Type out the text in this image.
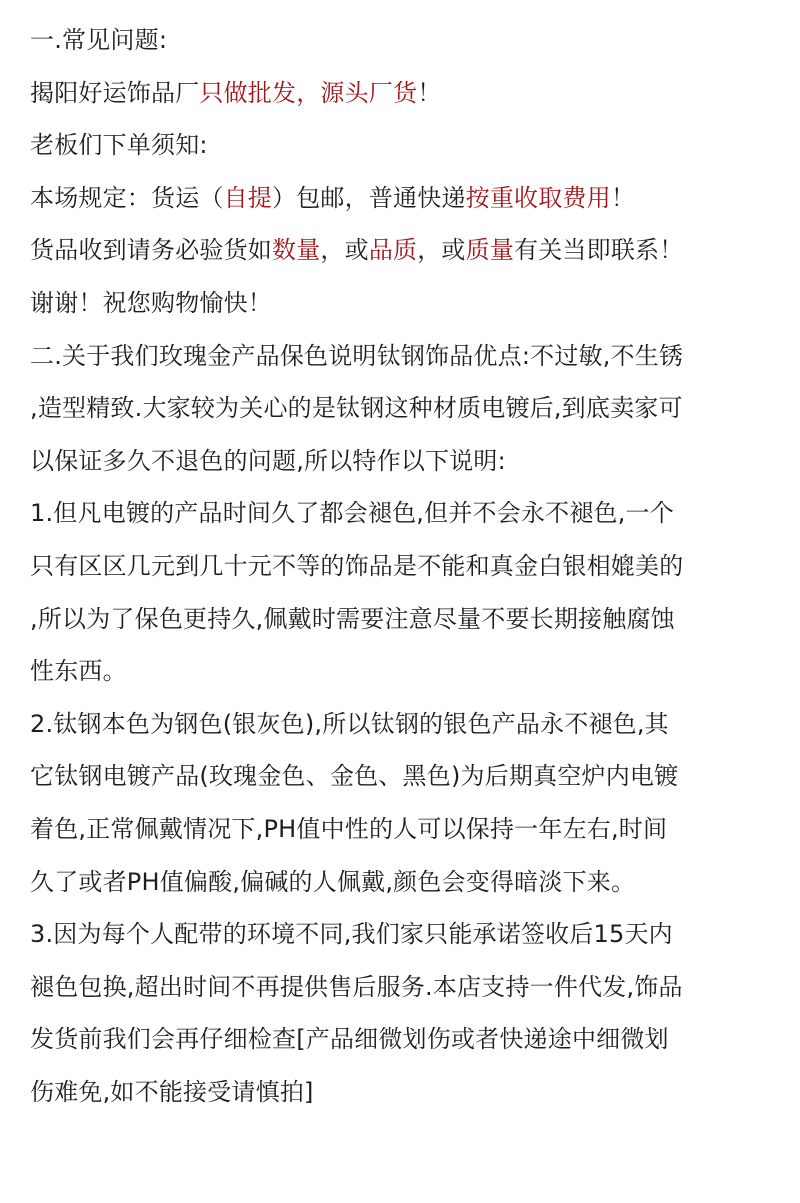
一.常见问题:
揭阳好运饰品厂只做批发，源头厂货！
老板们下单须知:
本场规定：货运（自提）包邮，普通快递按重收取费用！
货品收到请务必验货如数量，或品质，或质量有关当即联系！
谢谢！祝您购物愉快！
二.关于我们玫瑰金产品保色说明钛钢饰品优点:不过敏,不生锈
,造型精致.大家较为关心的是钛钢这种材质电镀后,到底卖家可
以保证多久不退色的问题,所以特作以下说明:
1.但凡电镀的产品时间久了都会褪色,但并不会永不褪色,一个
只有区区几元到几十元不等的饰品是不能和真金白银相媲美的
,所以为了保色更持久,佩戴时需要注意尽量不要长期接触腐蚀
性东西。
2.钛钢本色为钢色(银灰色),所以钛钢的银色产品永不褪色,其
它钛钢电镀产品(玫瑰金色、金色、黑色)为后期真空炉内电镀
着色,正常佩戴情况下,PH值中性的人可以保持一年左右,时间
久了或者PH值偏酸,偏碱的人佩戴,颜色会变得暗淡下来。
3.因为每个人配带的环境不同,我们家只能承诺签收后15天内
褪色包换,超出时间不再提供售后服务.本店支持一件代发,饰品
发货前我们会再仔细检查[产品细微划伤或者快递途中细微划
伤难免,如不能接受请慎拍]
